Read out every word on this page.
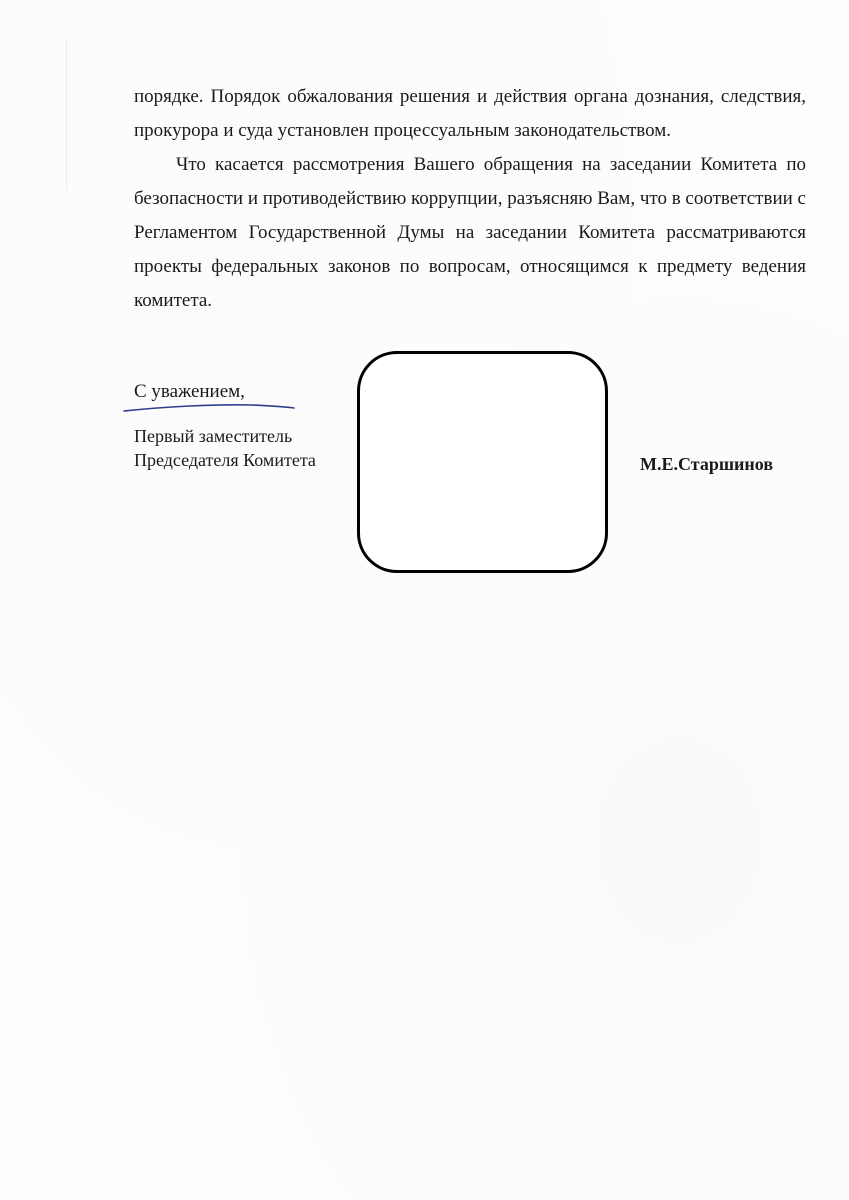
порядке. Порядок обжалования решения и действия органа дознания, следствия, прокурора и суда установлен процессуальным законодательством.

Что касается рассмотрения Вашего обращения на заседании Комитета по безопасности и противодействию коррупции, разъясняю Вам, что в соответствии с Регламентом Государственной Думы на заседании Комитета рассматриваются проекты федеральных законов по вопросам, относящимся к предмету ведения комитета.

С уважением,
Первый заместитель
Председателя Комитета	М.Е.Старшинов
